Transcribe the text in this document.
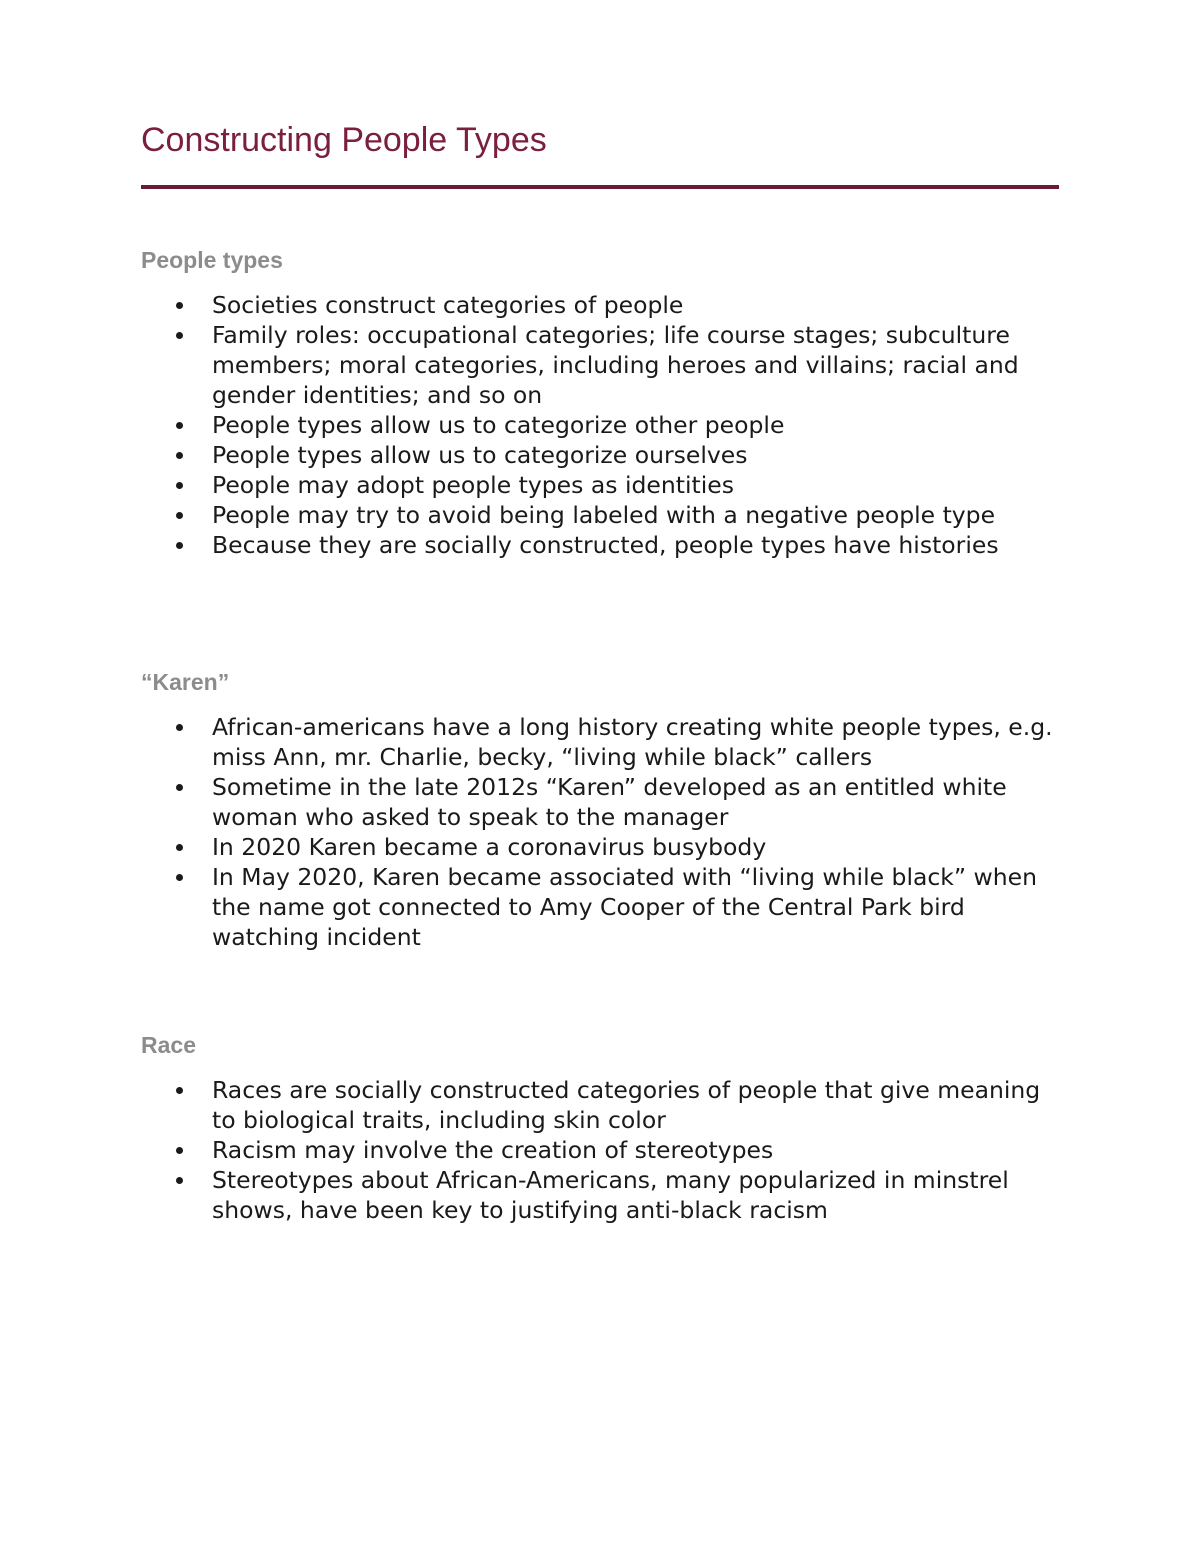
Constructing People Types
People types
Societies construct categories of people
Family roles: occupational categories; life course stages; subculture members; moral categories, including heroes and villains; racial and gender identities; and so on
People types allow us to categorize other people
People types allow us to categorize ourselves
People may adopt people types as identities
People may try to avoid being labeled with a negative people type
Because they are socially constructed, people types have histories
“Karen”
African-americans have a long history creating white people types, e.g. miss Ann, mr. Charlie, becky, “living while black” callers
Sometime in the late 2012s “Karen” developed as an entitled white woman who asked to speak to the manager
In 2020 Karen became a coronavirus busybody
In May 2020, Karen became associated with “living while black” when the name got connected to Amy Cooper of the Central Park bird watching incident
Race
Races are socially constructed categories of people that give meaning to biological traits, including skin color
Racism may involve the creation of stereotypes
Stereotypes about African-Americans, many popularized in minstrel shows, have been key to justifying anti-black racism
